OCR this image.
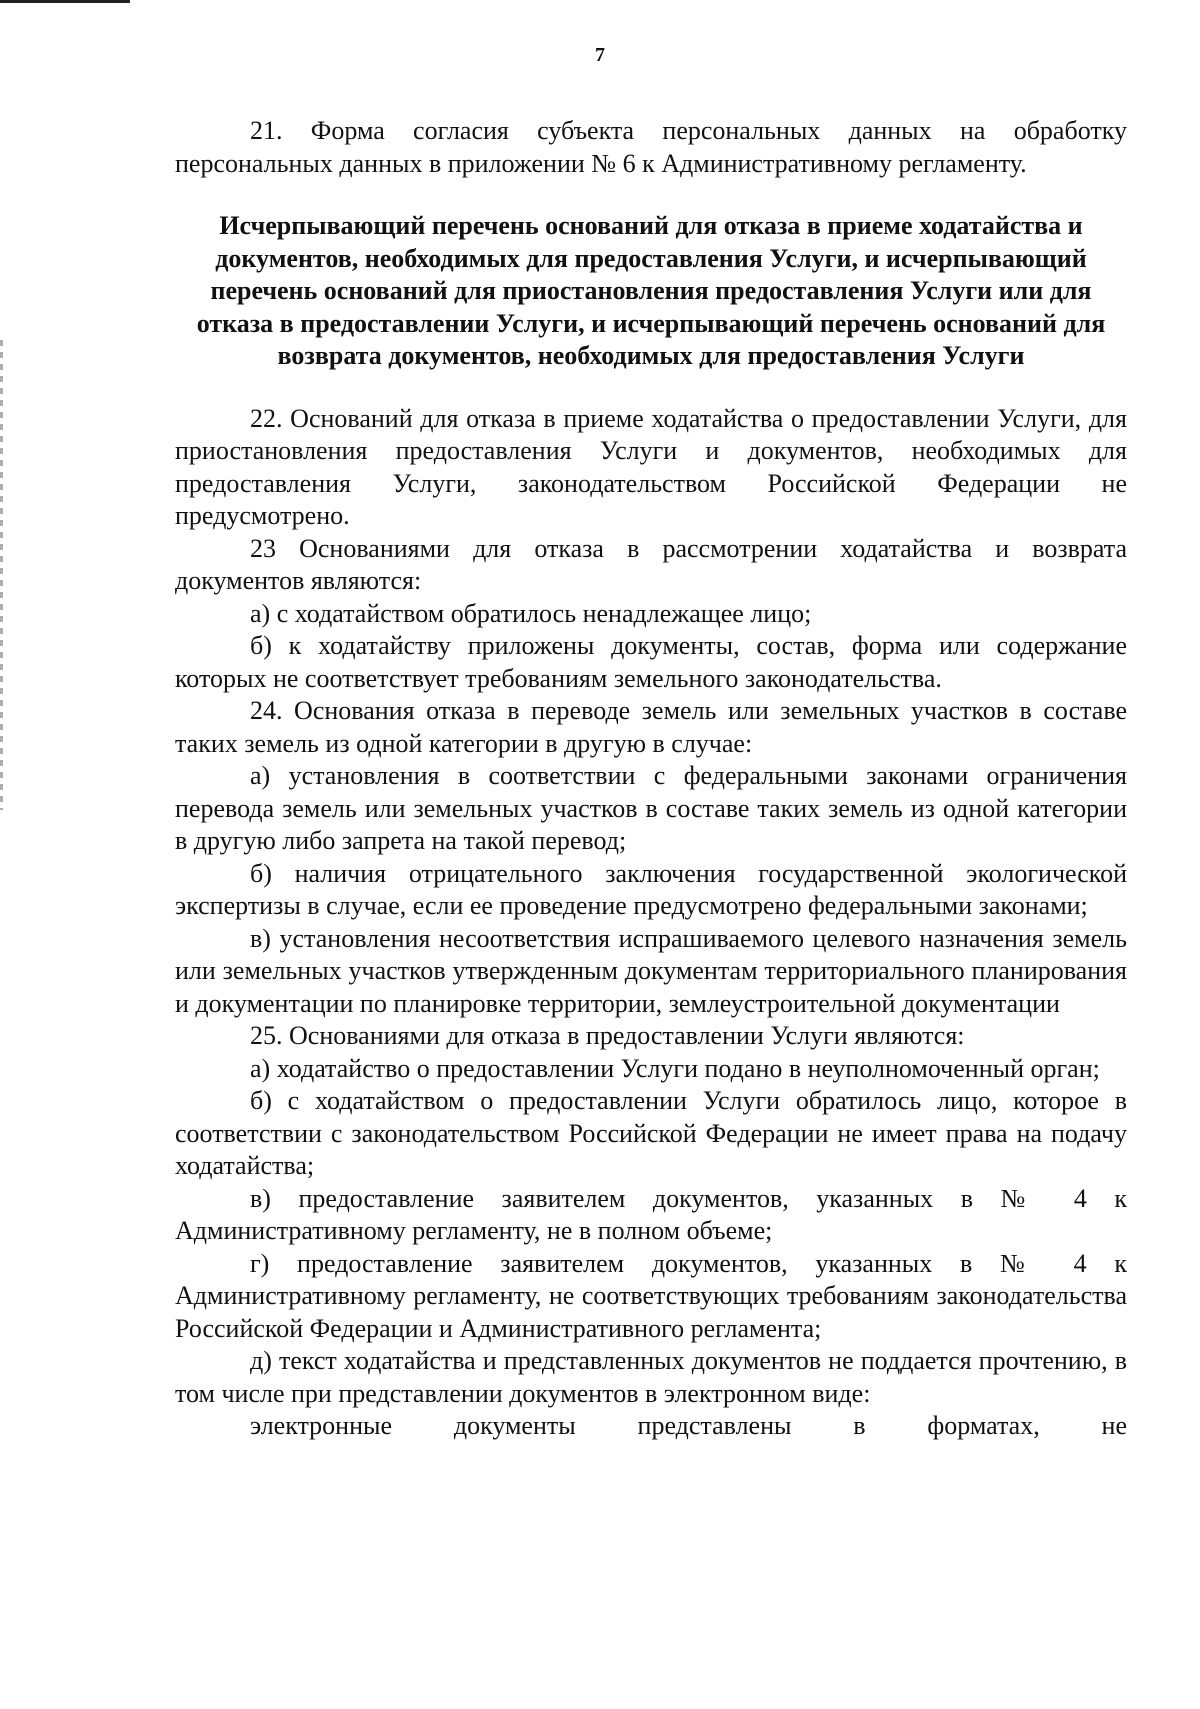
7

21. Форма согласия субъекта персональных данных на обработку персональных данных в приложении № 6 к Административному регламенту.

Исчерпывающий перечень оснований для отказа в приеме ходатайства и документов, необходимых для предоставления Услуги, и исчерпывающий перечень оснований для приостановления предоставления Услуги или для отказа в предоставлении Услуги, и исчерпывающий перечень оснований для возврата документов, необходимых для предоставления Услуги

22. Оснований для отказа в приеме ходатайства о предоставлении Услуги, для приостановления предоставления Услуги и документов, необходимых для предоставления Услуги, законодательством Российской Федерации не предусмотрено.

23 Основаниями для отказа в рассмотрении ходатайства и возврата документов являются:

а) с ходатайством обратилось ненадлежащее лицо;

б) к ходатайству приложены документы, состав, форма или содержание которых не соответствует требованиям земельного законодательства.

24. Основания отказа в переводе земель или земельных участков в составе таких земель из одной категории в другую в случае:

а) установления в соответствии с федеральными законами ограничения перевода земель или земельных участков в составе таких земель из одной категории в другую либо запрета на такой перевод;

б) наличия отрицательного заключения государственной экологической экспертизы в случае, если ее проведение предусмотрено федеральными законами;

в) установления несоответствия испрашиваемого целевого назначения земель или земельных участков утвержденным документам территориального планирования и документации по планировке территории, землеустроительной документации

25. Основаниями для отказа в предоставлении Услуги являются:

а) ходатайство о предоставлении Услуги подано в неуполномоченный орган;

б) с ходатайством о предоставлении Услуги обратилось лицо, которое в соответствии с законодательством Российской Федерации не имеет права на подачу ходатайства;

в) предоставление заявителем документов, указанных в № 4 к Административному регламенту, не в полном объеме;

г) предоставление заявителем документов, указанных в № 4 к Административному регламенту, не соответствующих требованиям законодательства Российской Федерации и Административного регламента;

д) текст ходатайства и представленных документов не поддается прочтению, в том числе при представлении документов в электронном виде:

электронные документы представлены в форматах, не
